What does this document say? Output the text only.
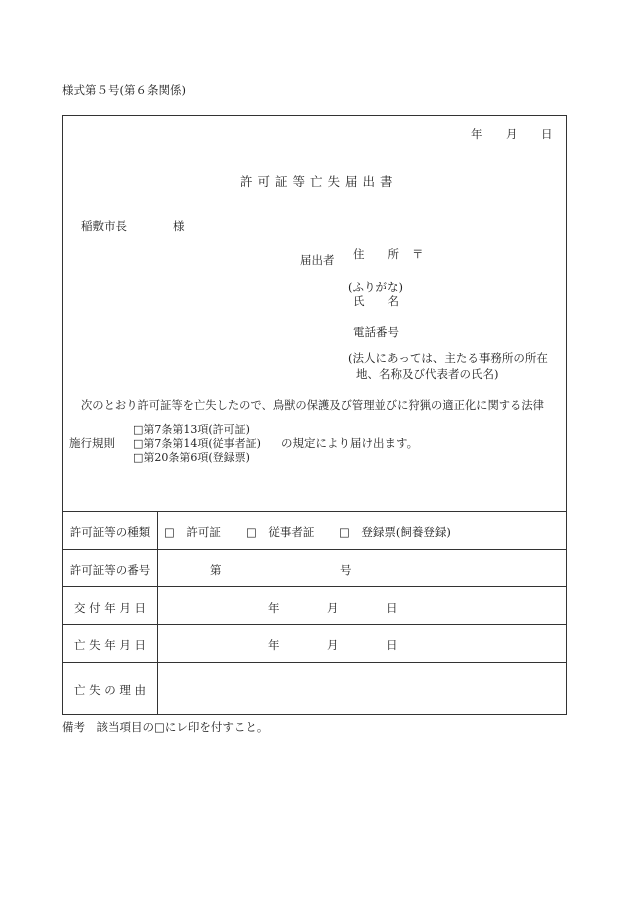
様式第５号(第６条関係)
年 月 日
許可証等亡失届出書
稲敷市長	様
届出者 住　　所 〒
(ふりがな)
氏　　名
電話番号
(法人にあっては、主たる事務所の所在
地、名称及び代表者の氏名)
次のとおり許可証等を亡失したので、鳥獣の保護及び管理並びに狩猟の適正化に関する法律
施行規則
□第7条第13項(許可証)
□第7条第14項(従事者証)
□第20条第6項(登録票)
の規定により届け出ます。
許可証等の種類	□　許可証 □　従事者証 □　登録票(飼養登録)
許可証等の番号	第	号
交 付 年 月 日	年	月	日
亡 失 年 月 日	年	月	日
亡 失 の 理 由
備考　該当項目の□にレ印を付すこと。
